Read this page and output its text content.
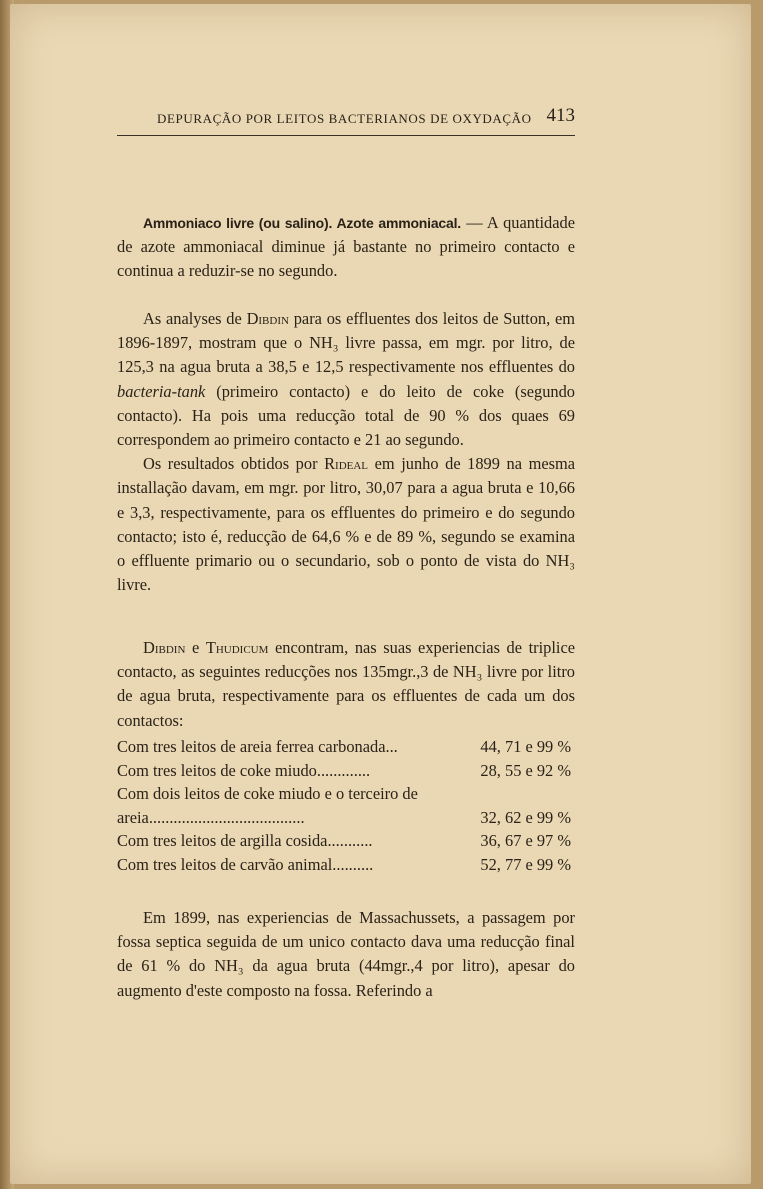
DEPURAÇÃO POR LEITOS BACTERIANOS DE OXYDAÇÃO 413

Ammoniaco livre (ou salino). Azote ammoniacal. — A quantidade de azote ammoniacal diminue já bastante no primeiro contacto e continua a reduzir-se no segundo.

As analyses de Dibdin para os effluentes dos leitos de Sutton, em 1896-1897, mostram que o NH₃ livre passa, em mgr. por litro, de 125,3 na agua bruta a 38,5 e 12,5 respectivamente nos effluentes do bacteria-tank (primeiro contacto) e do leito de coke (segundo contacto). Ha pois uma reducção total de 90 % dos quaes 69 correspondem ao primeiro contacto e 21 ao segundo.

Os resultados obtidos por Rideal em junho de 1899 na mesma installação davam, em mgr. por litro, 30,07 para a agua bruta e 10,66 e 3,3, respectivamente, para os effluentes do primeiro e do segundo contacto; isto é, reducção de 64,6 % e de 89 %, segundo se examina o effluente primario ou o secundario, sob o ponto de vista do NH₃ livre.

Dibdin e Thudicum encontram, nas suas experiencias de triplice contacto, as seguintes reducções nos 135mgr.,3 de NH₃ livre por litro de agua bruta, respectivamente para os effluentes de cada um dos contactos:

Com tres leitos de areia ferrea carbonada...	44, 71 e 99 %
Com tres leitos de coke miudo.............	28, 55 e 92 %
Com dois leitos de coke miudo e o terceiro de
areia......................................	32, 62 e 99 %
Com tres leitos de argilla cosida...........	36, 67 e 97 %
Com tres leitos de carvão animal..........	52, 77 e 99 %

Em 1899, nas experiencias de Massachussets, a passagem por fossa septica seguida de um unico contacto dava uma reducção final de 61 % do NH₃ da agua bruta (44mgr.,4 por litro), apesar do augmento d'este composto na fossa. Referindo a
